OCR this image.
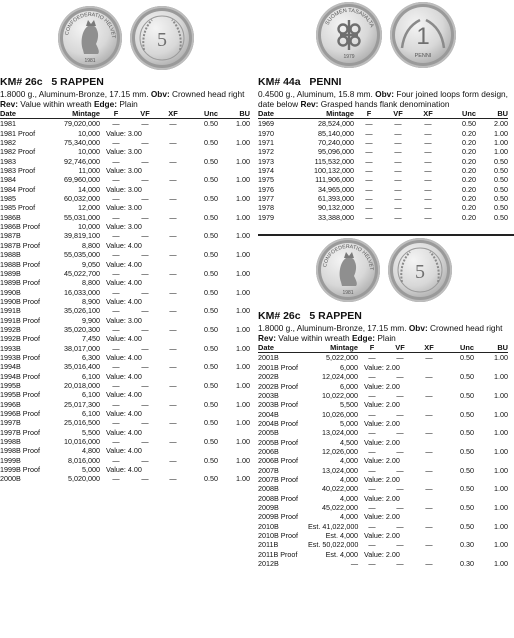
CONFOEDERATIO HELVET
1981
5

KM# 26c 5 RAPPEN

1.8000 g., Aluminum-Bronze, 17.15 mm. Obv: Crowned head right Rev: Value within wreath Edge: Plain

Date	Mintage	F	VF	XF	Unc	BU
1981	79,020,000	—	—	—	0.50	1.00
1981 Proof	10,000	Value: 3.00				
1982	75,340,000	—	—	—	0.50	1.00
1982 Proof	10,000	Value: 3.00				
1983	92,746,000	—	—	—	0.50	1.00
1983 Proof	11,000	Value: 3.00				
1984	69,960,000	—	—	—	0.50	1.00
1984 Proof	14,000	Value: 3.00				
1985	60,032,000	—	—	—	0.50	1.00
1985 Proof	12,000	Value: 3.00				
1986B	55,031,000	—	—	—	0.50	1.00
1986B Proof	10,000	Value: 3.00				
1987B	39,819,100	—	—	—	0.50	1.00
1987B Proof	8,800	Value: 4.00				
1988B	55,035,000	—	—	—	0.50	1.00
1988B Proof	9,050	Value: 4.00				
1989B	45,022,700	—	—	—	0.50	1.00
1989B Proof	8,800	Value: 4.00				
1990B	16,033,000	—	—	—	0.50	1.00
1990B Proof	8,900	Value: 4.00				
1991B	35,026,100	—	—	—	0.50	1.00
1991B Proof	9,900	Value: 3.00				
1992B	35,020,300	—	—	—	0.50	1.00
1992B Proof	7,450	Value: 4.00				
1993B	38,017,000	—	—	—	0.50	1.00
1993B Proof	6,300	Value: 4.00				
1994B	35,016,400	—	—	—	0.50	1.00
1994B Proof	6,100	Value: 4.00				
1995B	20,018,000	—	—	—	0.50	1.00
1995B Proof	6,100	Value: 4.00				
1996B	25,017,300	—	—	—	0.50	1.00
1996B Proof	6,100	Value: 4.00				
1997B	25,016,500	—	—	—	0.50	1.00
1997B Proof	5,500	Value: 4.00				
1998B	10,016,000	—	—	—	0.50	1.00
1998B Proof	4,800	Value: 4.00				
1999B	8,016,000	—	—	—	0.50	1.00
1999B Proof	5,000	Value: 4.00				
2000B	5,020,000	—	—	—	0.50	1.00
SUOMEN TASAVALTA
1979
1
PENNI

KM# 44a PENNI

0.4500 g., Aluminum, 15.8 mm. Obv: Four joined loops form design, date below Rev: Grasped hands flank denomination

Date	Mintage	F	VF	XF	Unc	BU
1969	28,524,000	—	—	—	0.50	2.00
1970	85,140,000	—	—	—	0.20	1.00
1971	70,240,000	—	—	—	0.20	1.00
1972	95,096,000	—	—	—	0.20	1.00
1973	115,532,000	—	—	—	0.20	0.50
1974	100,132,000	—	—	—	0.20	0.50
1975	111,906,000	—	—	—	0.20	0.50
1976	34,965,000	—	—	—	0.20	0.50
1977	61,393,000	—	—	—	0.20	0.50
1978	90,132,000	—	—	—	0.20	0.50
1979	33,388,000	—	—	—	0.20	0.50
CONFOEDERATIO HELVET
1981
5

KM# 26c 5 RAPPEN

1.8000 g., Aluminum-Bronze, 17.15 mm. Obv: Crowned head right Rev: Value within wreath Edge: Plain

Date	Mintage	F	VF	XF	Unc	BU
2001B	5,022,000	—	—	—	0.50	1.00
2001B Proof	6,000	Value: 2.00				
2002B	12,024,000	—	—	—	0.50	1.00
2002B Proof	6,000	Value: 2.00				
2003B	10,022,000	—	—	—	0.50	1.00
2003B Proof	5,500	Value: 2.00				
2004B	10,026,000	—	—	—	0.50	1.00
2004B Proof	5,000	Value: 2.00				
2005B	13,024,000	—	—	—	0.50	1.00
2005B Proof	4,500	Value: 2.00				
2006B	12,026,000	—	—	—	0.50	1.00
2006B Proof	4,000	Value: 2.00				
2007B	13,024,000	—	—	—	0.50	1.00
2007B Proof	4,000	Value: 2.00				
2008B	40,022,000	—	—	—	0.50	1.00
2008B Proof	4,000	Value: 2.00				
2009B	45,022,000	—	—	—	0.50	1.00
2009B Proof	4,000	Value: 2.00				
2010B	Est. 41,022,000	—	—	—	0.50	1.00
2010B Proof	Est. 4,000	Value: 2.00				
2011B	Est. 50,022,000	—	—	—	0.30	1.00
2011B Proof	Est. 4,000	Value: 2.00				
2012B	—	—	—	—	0.30	1.00
